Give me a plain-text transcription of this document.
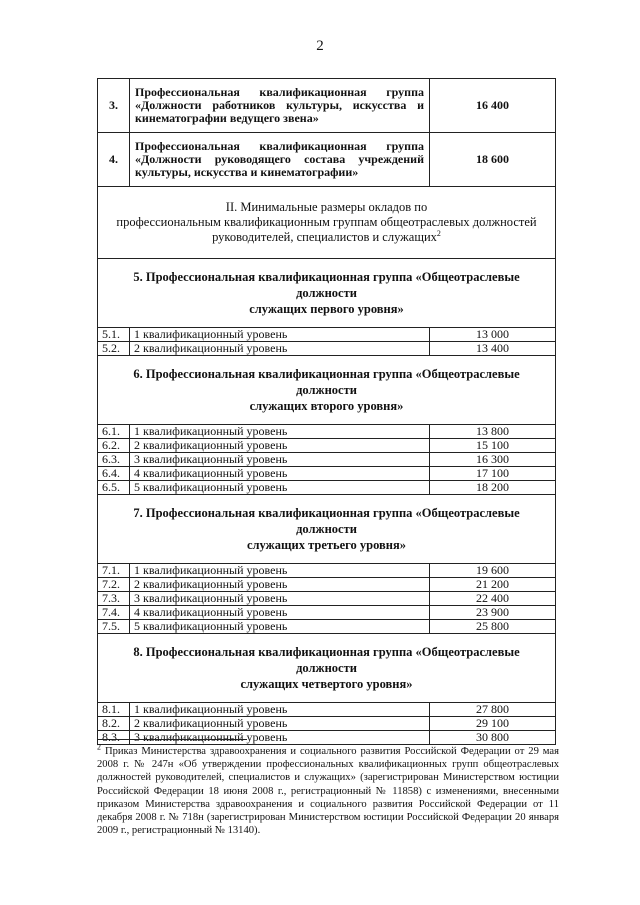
2
3.	Профессиональная квалификационная группа
«Должности работников культуры, искусства и
кинематографии ведущего звена»	16 400
4.	Профессиональная квалификационная группа
«Должности руководящего состава учреждений
культуры, искусства и кинематографии»	18 600

II. Минимальные размеры окладов по
профессиональным квалификационным группам общеотраслевых должностей
руководителей, специалистов и служащих$^2$

5. Профессиональная квалификационная группа «Общеотраслевые должности
служащих первого уровня»		

5.1.	1 квалификационный уровень	13 000
5.2.	2 квалификационный уровень	13 400

6. Профессиональная квалификационная группа «Общеотраслевые должности
служащих второго уровня»		

6.1.	1 квалификационный уровень	13 800
6.2.	2 квалификационный уровень	15 100
6.3.	3 квалификационный уровень	16 300
6.4.	4 квалификационный уровень	17 100
6.5.	5 квалификационный уровень	18 200

7. Профессиональная квалификационная группа «Общеотраслевые должности
служащих третьего уровня»		

7.1.	1 квалификационный уровень	19 600
7.2.	2 квалификационный уровень	21 200
7.3.	3 квалификационный уровень	22 400
7.4.	4 квалификационный уровень	23 900
7.5.	5 квалификационный уровень	25 800

8. Профессиональная квалификационная группа «Общеотраслевые должности
служащих четвертого уровня»		

8.1.	1 квалификационный уровень	27 800
8.2.	2 квалификационный уровень	29 100
8.3.	3 квалификационный уровень	30 800
$^2$ Приказ Министерства здравоохранения и социального развития Российской Федерации от 29 мая 2008 г. № 247н «Об утверждении профессиональных квалификационных групп общеотраслевых должностей руководителей, специалистов и служащих» (зарегистрирован Министерством юстиции Российской Федерации 18 июня 2008 г., регистрационный № 11858) с изменениями, внесенными приказом Министерства здравоохранения и социального развития Российской Федерации от 11 декабря 2008 г. № 718н (зарегистрирован Министерством юстиции Российской Федерации 20 января 2009 г., регистрационный № 13140).
